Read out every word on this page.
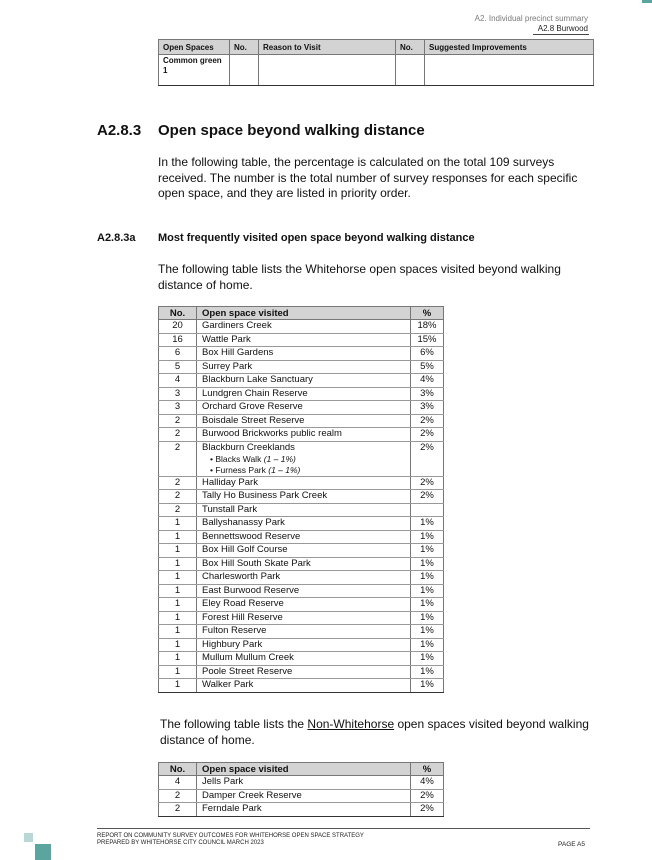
A2. Individual precinct summary
A2.8 Burwood
Open Spaces	No.	Reason to Visit	No.	Suggested Improvements
Common green 1				
A2.8.3 Open space beyond walking distance
In the following table, the percentage is calculated on the total 109 surveys received. The number is the total number of survey responses for each specific open space, and they are listed in priority order.
A2.8.3a Most frequently visited open space beyond walking distance
The following table lists the Whitehorse open spaces visited beyond walking distance of home.
No.	Open space visited	%
20	Gardiners Creek	18%
16	Wattle Park	15%
6	Box Hill Gardens	6%
5	Surrey Park	5%
4	Blackburn Lake Sanctuary	4%
3	Lundgren Chain Reserve	3%
3	Orchard Grove Reserve	3%
2	Boisdale Street Reserve	2%
2	Burwood Brickworks public realm	2%
2	Blackburn Creeklands
• Blacks Walk (1 – 1%)
• Furness Park (1 – 1%)	2%
2	Halliday Park	2%
2	Tally Ho Business Park Creek	2%
2	Tunstall Park	

1	Ballyshanassy Park	1%
1	Bennettswood Reserve	1%
1	Box Hill Golf Course	1%
1	Box Hill South Skate Park	1%
1	Charlesworth Park	1%
1	East Burwood Reserve	1%
1	Eley Road Reserve	1%
1	Forest Hill Reserve	1%
1	Fulton Reserve	1%
1	Highbury Park	1%
1	Mullum Mullum Creek	1%
1	Poole Street Reserve	1%
1	Walker Park	1%
The following table lists the Non-Whitehorse open spaces visited beyond walking distance of home.
No.	Open space visited	%
4	Jells Park	4%
2	Damper Creek Reserve	2%
2	Ferndale Park	2%
REPORT ON COMMUNITY SURVEY OUTCOMES FOR WHITEHORSE OPEN SPACE STRATEGY
PREPARED BY WHITEHORSE CITY COUNCIL MARCH 2023	PAGE A5
